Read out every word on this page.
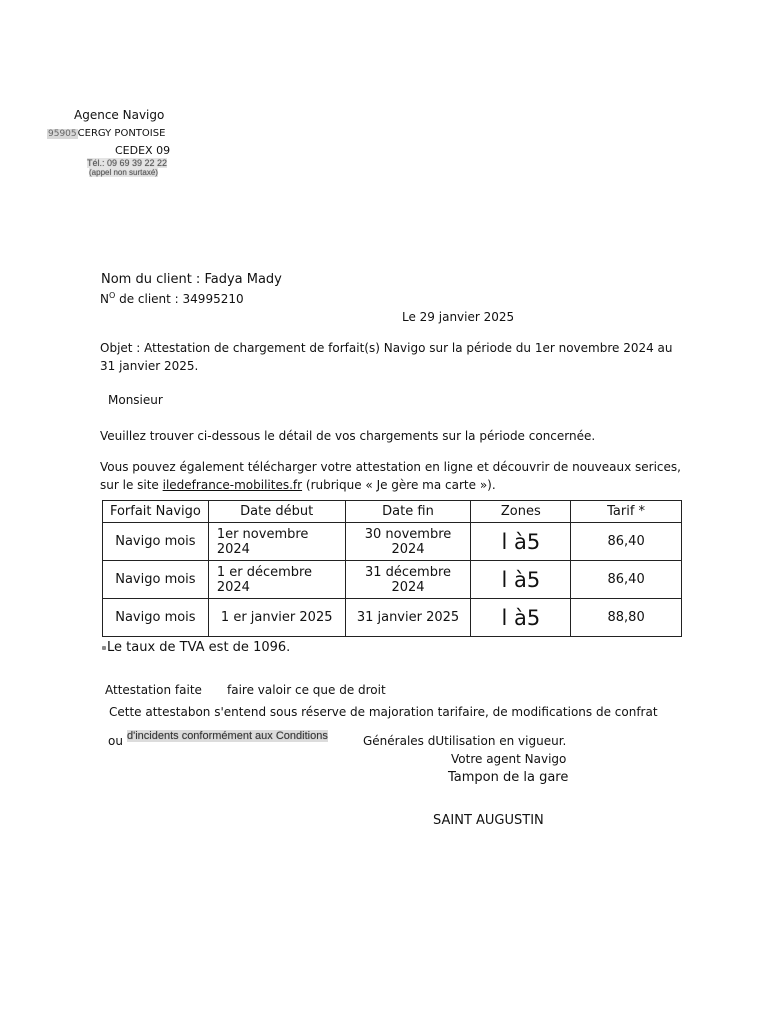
Agence Navigo
95905CERGY PONTOISE
CEDEX 09
Tél.: 09 69 39 22 22
(appel non surtaxé)
Nom du client : Fadya Mady
$N^O$ de client : 34995210
Le 29 janvier 2025
Objet : Attestation de chargement de forfait(s) Navigo sur la période du 1er novembre 2024 au
31 janvier 2025.
Monsieur
Veuillez trouver ci-dessous le détail de vos chargements sur la période concernée.
Vous pouvez également télécharger votre attestation en ligne et découvrir de nouveaux serices,
sur le site iledefrance-mobilites.fr (rubrique « Je gère ma carte »).
Forfait Navigo	Date début	Date fin	Zones	Tarif *
Navigo mois	1er novembre 2024	30 novembre 2024	l à5	86,40
Navigo mois	1 er décembre 2024	31 décembre 2024	l à5	86,40
Navigo mois	1 er janvier 2025	31 janvier 2025	l à5	88,80
Le taux de TVA est de 1096.
Attestation faite faire valoir ce que de droit
Cette attestabon s'entend sous réserve de majoration tarifaire, de modifications de confrat
ou d'incidents conformément aux Conditions	Générales dUtilisation en vigueur.
Votre agent Navigo
Tampon de la gare
SAINT AUGUSTIN
